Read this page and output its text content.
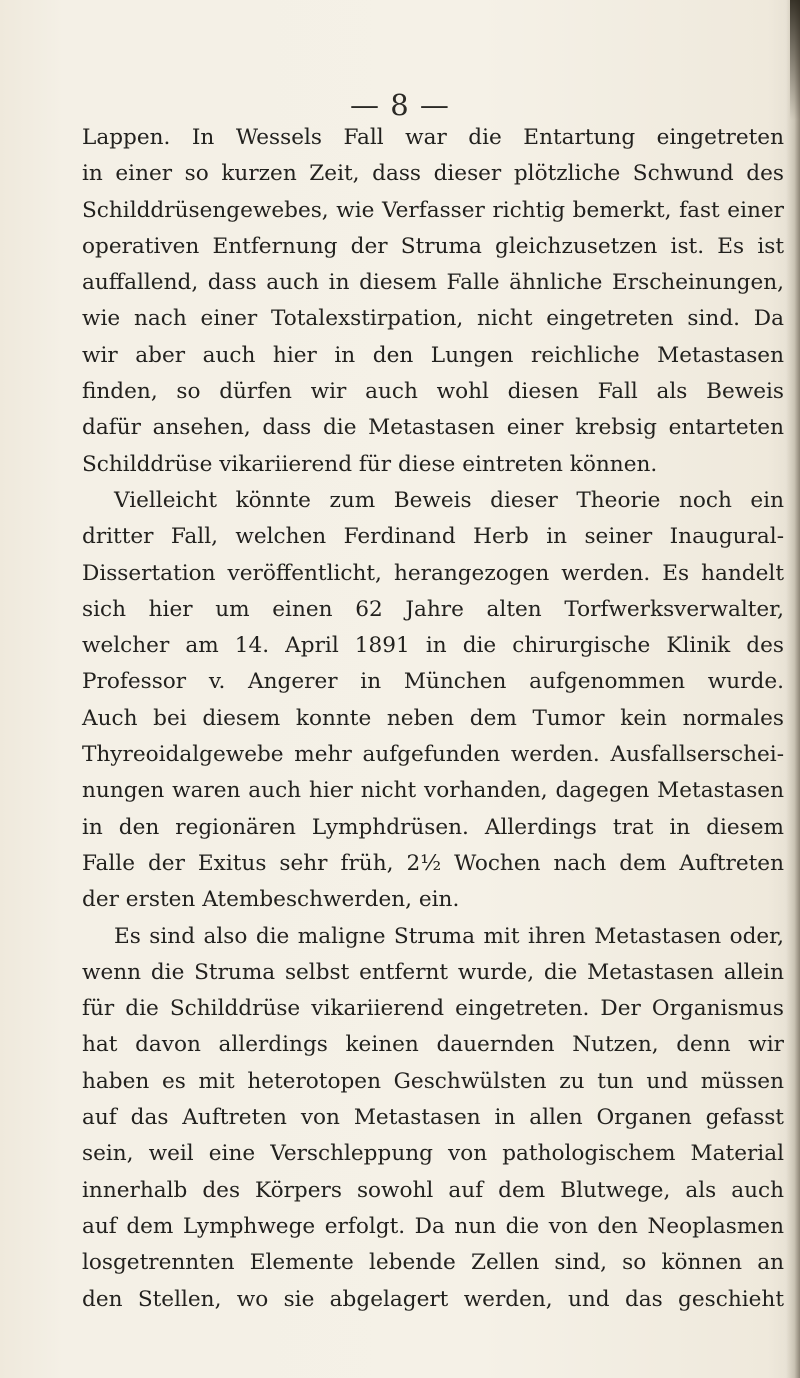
— 8 —
Lappen. In Wessels Fall war die Entartung eingetreten
in einer so kurzen Zeit, dass dieser plötzliche Schwund des
Schilddrüsengewebes, wie Verfasser richtig bemerkt, fast einer
operativen Entfernung der Struma gleichzusetzen ist. Es ist
auffallend, dass auch in diesem Falle ähnliche Erscheinungen,
wie nach einer Totalexstirpation, nicht eingetreten sind. Da
wir aber auch hier in den Lungen reichliche Metastasen
finden, so dürfen wir auch wohl diesen Fall als Beweis
dafür ansehen, dass die Metastasen einer krebsig entarteten
Schilddrüse vikariierend für diese eintreten können.
Vielleicht könnte zum Beweis dieser Theorie noch ein
dritter Fall, welchen Ferdinand Herb in seiner Inaugural-
Dissertation veröffentlicht, herangezogen werden. Es handelt
sich hier um einen 62 Jahre alten Torfwerksverwalter,
welcher am 14. April 1891 in die chirurgische Klinik des
Professor v. Angerer in München aufgenommen wurde.
Auch bei diesem konnte neben dem Tumor kein normales
Thyreoidalgewebe mehr aufgefunden werden. Ausfallserschei-
nungen waren auch hier nicht vorhanden, dagegen Metastasen
in den regionären Lymphdrüsen. Allerdings trat in diesem
Falle der Exitus sehr früh, 2½ Wochen nach dem Auftreten
der ersten Atembeschwerden, ein.
Es sind also die maligne Struma mit ihren Metastasen oder,
wenn die Struma selbst entfernt wurde, die Metastasen allein
für die Schilddrüse vikariierend eingetreten. Der Organismus
hat davon allerdings keinen dauernden Nutzen, denn wir
haben es mit heterotopen Geschwülsten zu tun und müssen
auf das Auftreten von Metastasen in allen Organen gefasst
sein, weil eine Verschleppung von pathologischem Material
innerhalb des Körpers sowohl auf dem Blutwege, als auch
auf dem Lymphwege erfolgt. Da nun die von den Neoplasmen
losgetrennten Elemente lebende Zellen sind, so können an
den Stellen, wo sie abgelagert werden, und das geschieht
